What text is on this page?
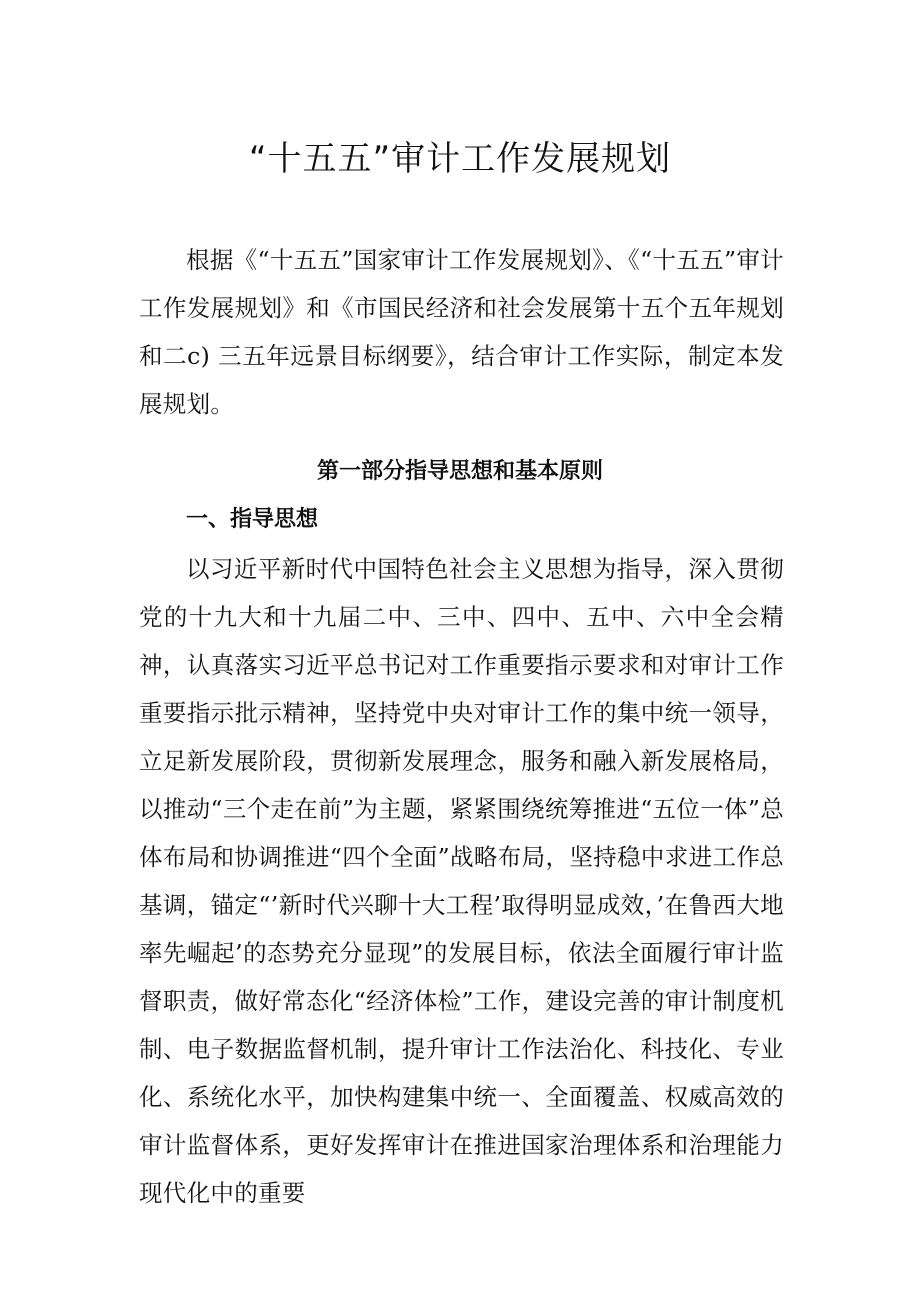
“十五五”审计工作发展规划

根据《“十五五”国家审计工作发展规划》、《“十五五”审计工作发展规划》和《市国民经济和社会发展第十五个五年规划和二c) 三五年远景目标纲要》，结合审计工作实际，制定本发展规划。

第一部分指导思想和基本原则
一、指导思想

以习近平新时代中国特色社会主义思想为指导，深入贯彻党的十九大和十九届二中、三中、四中、五中、六中全会精神，认真落实习近平总书记对工作重要指示要求和对审计工作重要指示批示精神，坚持党中央对审计工作的集中统一领导，立足新发展阶段，贯彻新发展理念，服务和融入新发展格局，以推动“三个走在前”为主题，紧紧围绕统筹推进“五位一体”总体布局和协调推进“四个全面”战略布局，坚持稳中求进工作总基调，锚定“’新时代兴聊十大工程’取得明显成效，’在鲁西大地率先崛起’的态势充分显现”的发展目标，依法全面履行审计监督职责，做好常态化“经济体检”工作，建设完善的审计制度机制、电子数据监督机制，提升审计工作法治化、科技化、专业化、系统化水平，加快构建集中统一、全面覆盖、权威高效的审计监督体系，更好发挥审计在推进国家治理体系和治理能力现代化中的重要
